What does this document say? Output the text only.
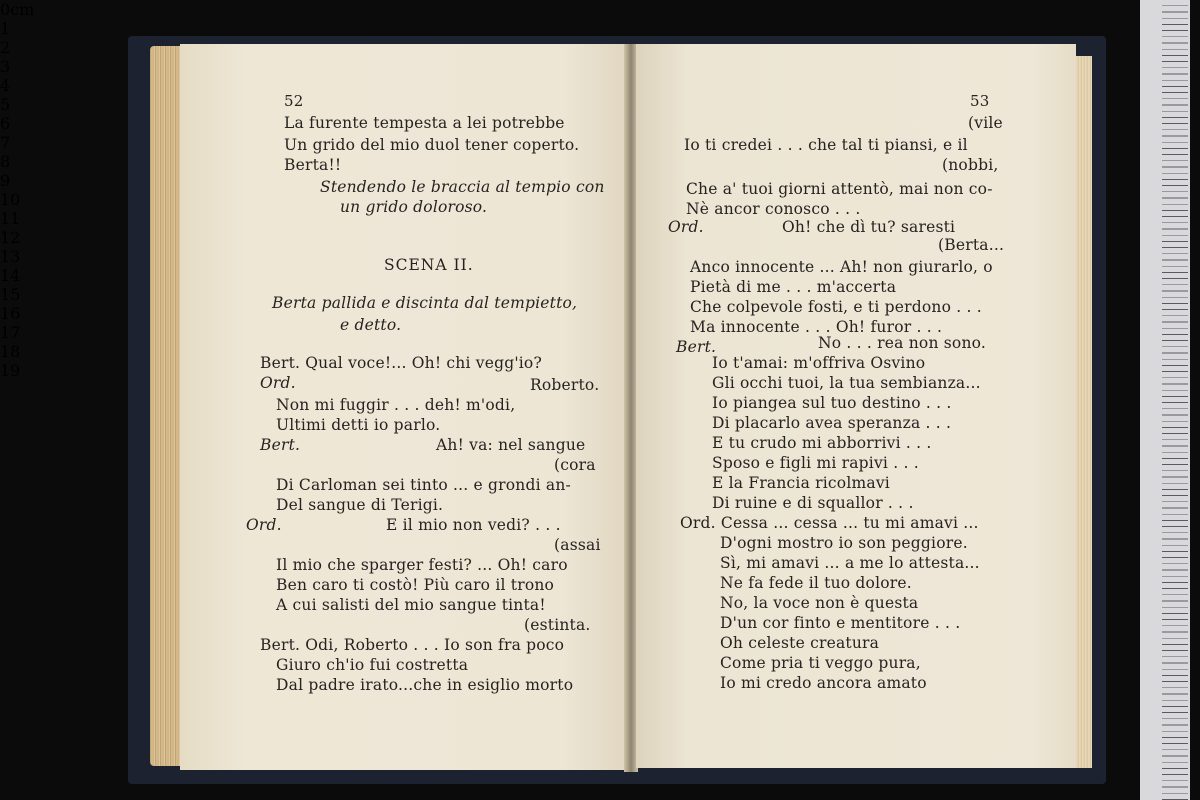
52
La furente tempesta a lei potrebbe
Un grido del mio duol tener coperto.
Berta!!
Stendendo le braccia al tempio con
un grido doloroso.
SCENA II.
Berta pallida e discinta dal tempietto,
e detto.
Bert. Qual voce!... Oh! chi vegg'io?
Ord.	Roberto.
Non mi fuggir . . . deh! m'odi,
Ultimi detti io parlo.
Bert.	Ah! va: nel sangue
(cora
Di Carloman sei tinto ... e grondi an-
Del sangue di Terigi.
Ord.	E il mio non vedi? . . .
(assai
Il mio che sparger festi? ... Oh! caro
Ben caro ti costò! Più caro il trono
A cui salisti del mio sangue tinta!
(estinta.
Bert. Odi, Roberto . . . Io son fra poco
Giuro ch'io fui costretta
Dal padre irato...che in esiglio morto
53
(vile
Io ti credei . . . che tal ti piansi, e il
(nobbi,
Che a' tuoi giorni attentò, mai non co-
Nè ancor conosco . . .
Ord.	Oh! che dì tu? saresti
(Berta...
Anco innocente ... Ah! non giurarlo, o
Pietà di me . . . m'accerta
Che colpevole fosti, e ti perdono . . .
Ma innocente . . . Oh! furor . . .
Bert.	No . . . rea non sono.
Io t'amai: m'offriva Osvino
Gli occhi tuoi, la tua sembianza...
Io piangea sul tuo destino . . .
Di placarlo avea speranza . . .
E tu crudo mi abborrivi . . .
Sposo e figli mi rapivi . . .
E la Francia ricolmavi
Di ruine e di squallor . . .
Ord. Cessa ... cessa ... tu mi amavi ...
D'ogni mostro io son peggiore.
Sì, mi amavi ... a me lo attesta...
Ne fa fede il tuo dolore.
No, la voce non è questa
D'un cor finto e mentitore . . .
Oh celeste creatura
Come pria ti veggo pura,
Io mi credo ancora amato
0cm
1
2
3
4
5
6
7
8
9
10
11
12
13
14
15
16
17
18
19
